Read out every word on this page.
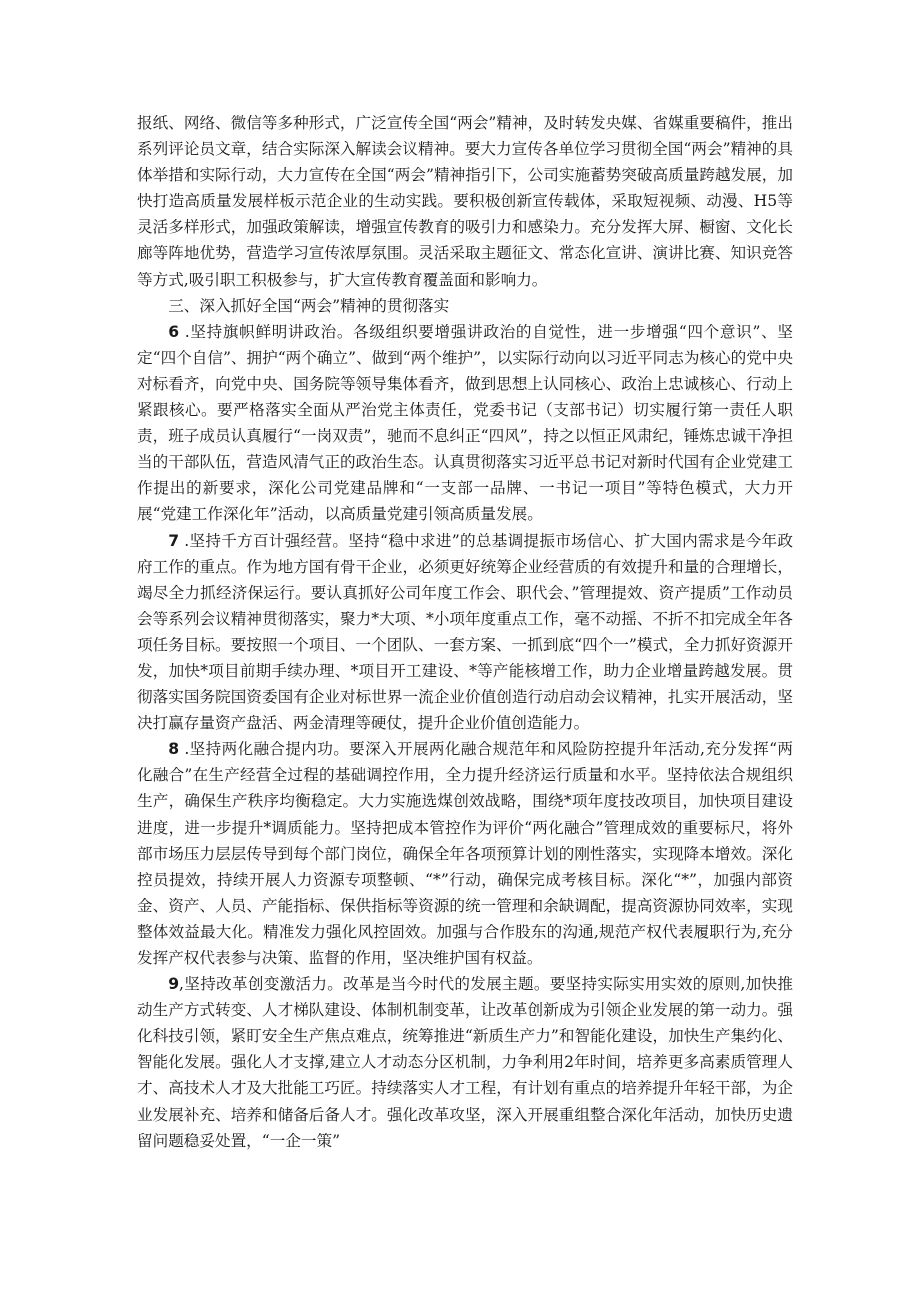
报纸、网络、微信等多种形式，广泛宣传全国“两会”精神，及时转发央媒、省媒重要稿件，推出系列评论员文章，结合实际深入解读会议精神。要大力宣传各单位学习贯彻全国“两会”精神的具体举措和实际行动，大力宣传在全国“两会”精神指引下，公司实施蓄势突破高质量跨越发展，加快打造高质量发展样板示范企业的生动实践。要积极创新宣传载体，采取短视频、动漫、H5等灵活多样形式，加强政策解读，增强宣传教育的吸引力和感染力。充分发挥大屏、橱窗、文化长廊等阵地优势，营造学习宣传浓厚氛围。灵活采取主题征文、常态化宣讲、演讲比赛、知识竞答等方式,吸引职工积极参与，扩大宣传教育覆盖面和影响力。

三、深入抓好全国“两会”精神的贯彻落实

6 .坚持旗帜鲜明讲政治。各级组织要增强讲政治的自觉性，进一步增强“四个意识”、坚定“四个自信”、拥护“两个确立”、做到“两个维护”，以实际行动向以习近平同志为核心的党中央对标看齐，向党中央、国务院等领导集体看齐，做到思想上认同核心、政治上忠诚核心、行动上紧跟核心。要严格落实全面从严治党主体责任，党委书记（支部书记）切实履行第一责任人职责，班子成员认真履行“一岗双责”，驰而不息纠正“四风”，持之以恒正风肃纪，锤炼忠诚干净担当的干部队伍，营造风清气正的政治生态。认真贯彻落实习近平总书记对新时代国有企业党建工作提出的新要求，深化公司党建品牌和“一支部一品牌、一书记一项目”等特色模式，大力开展“党建工作深化年”活动，以高质量党建引领高质量发展。

7 .坚持千方百计强经营。坚持“稳中求进”的总基调提振市场信心、扩大国内需求是今年政府工作的重点。作为地方国有骨干企业，必须更好统筹企业经营质的有效提升和量的合理增长，竭尽全力抓经济保运行。要认真抓好公司年度工作会、职代会、”管理提效、资产提质”工作动员会等系列会议精神贯彻落实，聚力*大项、*小项年度重点工作，毫不动摇、不折不扣完成全年各项任务目标。要按照一个项目、一个团队、一套方案、一抓到底“四个一”模式，全力抓好资源开发，加快*项目前期手续办理、*项目开工建设、*等产能核增工作，助力企业增量跨越发展。贯彻落实国务院国资委国有企业对标世界一流企业价值创造行动启动会议精神，扎实开展活动，坚决打赢存量资产盘活、两金清理等硬仗，提升企业价值创造能力。

8 .坚持两化融合提内功。要深入开展两化融合规范年和风险防控提升年活动,充分发挥“两化融合”在生产经营全过程的基础调控作用，全力提升经济运行质量和水平。坚持依法合规组织生产，确保生产秩序均衡稳定。大力实施选煤创效战略，围绕*项年度技改项目，加快项目建设进度，进一步提升*调质能力。坚持把成本管控作为评价“两化融合”管理成效的重要标尺，将外部市场压力层层传导到每个部门岗位，确保全年各项预算计划的刚性落实，实现降本增效。深化控员提效，持续开展人力资源专项整顿、“*”行动，确保完成考核目标。深化“*”，加强内部资金、资产、人员、产能指标、保供指标等资源的统一管理和余缺调配，提高资源协同效率，实现整体效益最大化。精准发力强化风控固效。加强与合作股东的沟通,规范产权代表履职行为,充分发挥产权代表参与决策、监督的作用，坚决维护国有权益。

9,坚持改革创变激活力。改革是当今时代的发展主题。要坚持实际实用实效的原则,加快推动生产方式转变、人才梯队建设、体制机制变革，让改革创新成为引领企业发展的第一动力。强化科技引领，紧盯安全生产焦点难点，统筹推进“新质生产力”和智能化建设，加快生产集约化、智能化发展。强化人才支撑,建立人才动态分区机制，力争利用2年时间，培养更多高素质管理人才、高技术人才及大批能工巧匠。持续落实人才工程，有计划有重点的培养提升年轻干部，为企业发展补充、培养和储备后备人才。强化改革攻坚，深入开展重组整合深化年活动，加快历史遗留问题稳妥处置，“一企一策”
